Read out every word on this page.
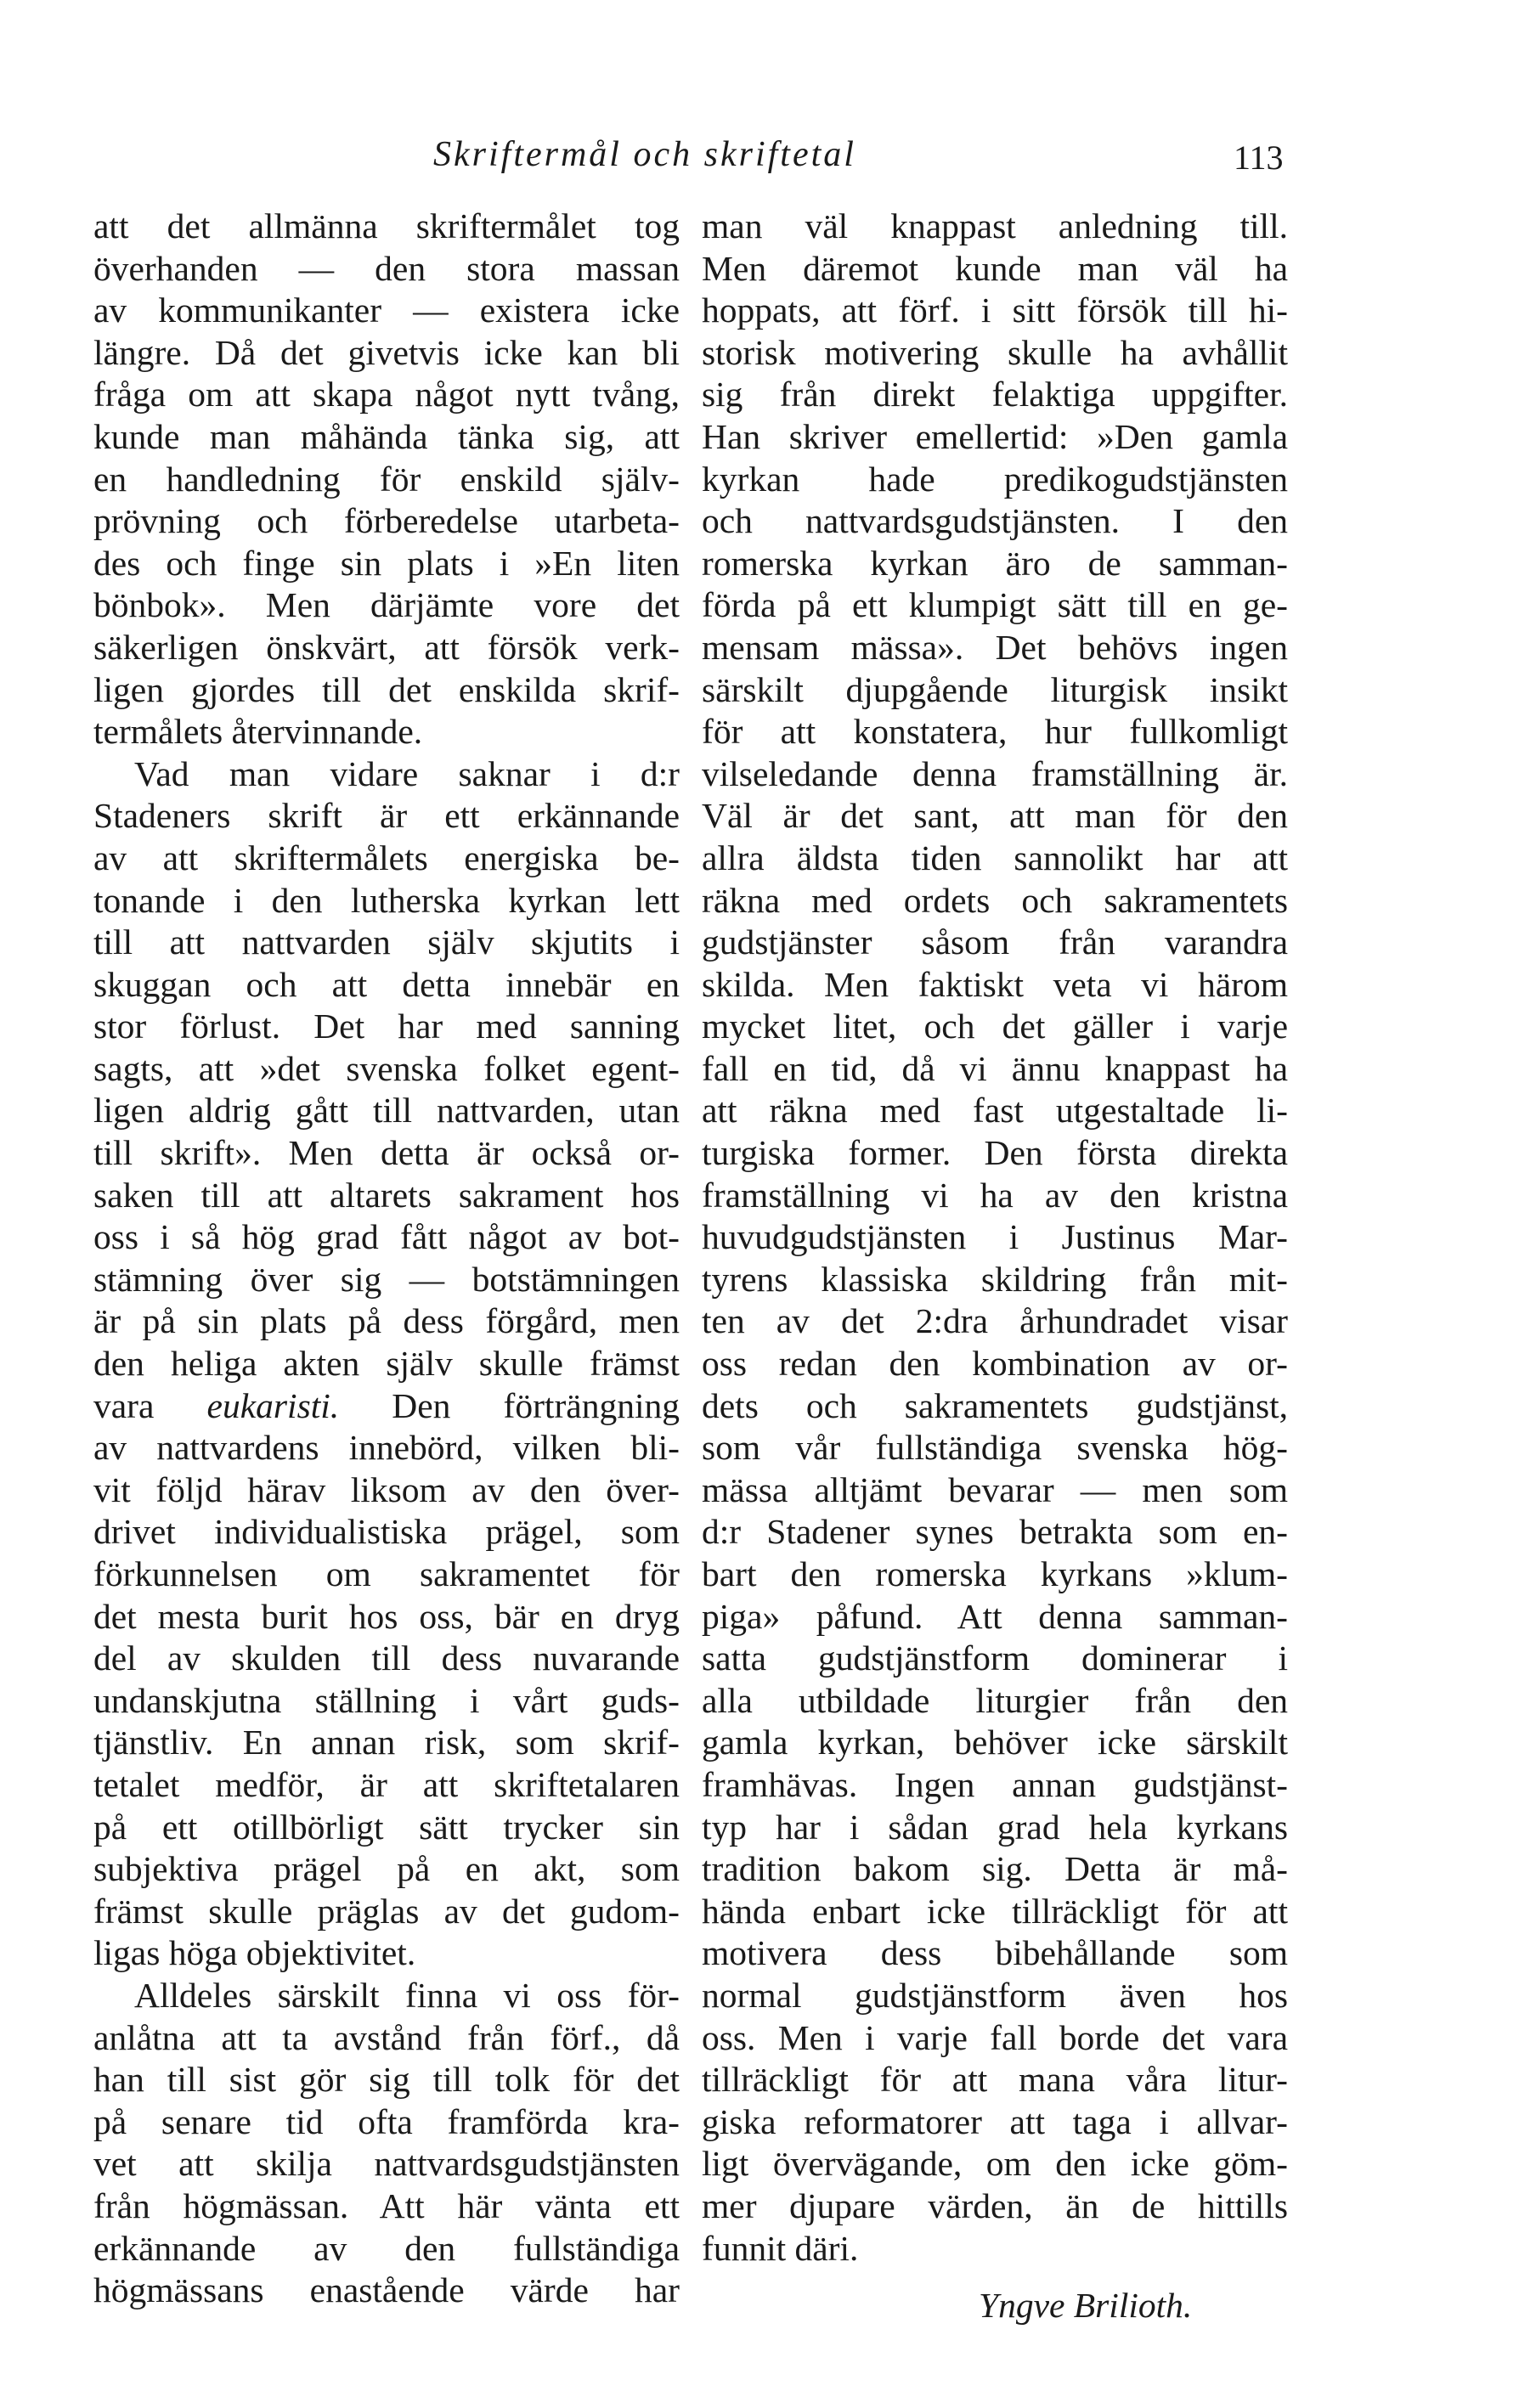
Skriftermål och skriftetal	113
att det allmänna skriftermålet tog
överhanden — den stora massan
av kommunikanter — existera icke
längre. Då det givetvis icke kan bli
fråga om att skapa något nytt tvång,
kunde man måhända tänka sig, att
en handledning för enskild själv-
prövning och förberedelse utarbeta-
des och finge sin plats i »En liten
bönbok». Men därjämte vore det
säkerligen önskvärt, att försök verk-
ligen gjordes till det enskilda skrif-
termålets återvinnande.
Vad man vidare saknar i d:r
Stadeners skrift är ett erkännande
av att skriftermålets energiska be-
tonande i den lutherska kyrkan lett
till att nattvarden själv skjutits i
skuggan och att detta innebär en
stor förlust. Det har med sanning
sagts, att »det svenska folket egent-
ligen aldrig gått till nattvarden, utan
till skrift». Men detta är också or-
saken till att altarets sakrament hos
oss i så hög grad fått något av bot-
stämning över sig — botstämningen
är på sin plats på dess förgård, men
den heliga akten själv skulle främst
vara eukaristi. Den förträngning
av nattvardens innebörd, vilken bli-
vit följd härav liksom av den över-
drivet individualistiska prägel, som
förkunnelsen om sakramentet för
det mesta burit hos oss, bär en dryg
del av skulden till dess nuvarande
undanskjutna ställning i vårt guds-
tjänstliv. En annan risk, som skrif-
tetalet medför, är att skriftetalaren
på ett otillbörligt sätt trycker sin
subjektiva prägel på en akt, som
främst skulle präglas av det gudom-
ligas höga objektivitet.
Alldeles särskilt finna vi oss för-
anlåtna att ta avstånd från förf., då
han till sist gör sig till tolk för det
på senare tid ofta framförda kra-
vet att skilja nattvardsgudstjänsten
från högmässan. Att här vänta ett
erkännande av den fullständiga
högmässans enastående värde har
man väl knappast anledning till.
Men däremot kunde man väl ha
hoppats, att förf. i sitt försök till hi-
storisk motivering skulle ha avhållit
sig från direkt felaktiga uppgifter.
Han skriver emellertid: »Den gamla
kyrkan hade predikogudstjänsten
och nattvardsgudstjänsten. I den
romerska kyrkan äro de samman-
förda på ett klumpigt sätt till en ge-
mensam mässa». Det behövs ingen
särskilt djupgående liturgisk insikt
för att konstatera, hur fullkomligt
vilseledande denna framställning är.
Väl är det sant, att man för den
allra äldsta tiden sannolikt har att
räkna med ordets och sakramentets
gudstjänster såsom från varandra
skilda. Men faktiskt veta vi härom
mycket litet, och det gäller i varje
fall en tid, då vi ännu knappast ha
att räkna med fast utgestaltade li-
turgiska former. Den första direkta
framställning vi ha av den kristna
huvudgudstjänsten i Justinus Mar-
tyrens klassiska skildring från mit-
ten av det 2:dra århundradet visar
oss redan den kombination av or-
dets och sakramentets gudstjänst,
som vår fullständiga svenska hög-
mässa alltjämt bevarar — men som
d:r Stadener synes betrakta som en-
bart den romerska kyrkans »klum-
piga» påfund. Att denna samman-
satta gudstjänstform dominerar i
alla utbildade liturgier från den
gamla kyrkan, behöver icke särskilt
framhävas. Ingen annan gudstjänst-
typ har i sådan grad hela kyrkans
tradition bakom sig. Detta är må-
hända enbart icke tillräckligt för att
motivera dess bibehållande som
normal gudstjänstform även hos
oss. Men i varje fall borde det vara
tillräckligt för att mana våra litur-
giska reformatorer att taga i allvar-
ligt övervägande, om den icke göm-
mer djupare värden, än de hittills
funnit däri.
Yngve Brilioth.
